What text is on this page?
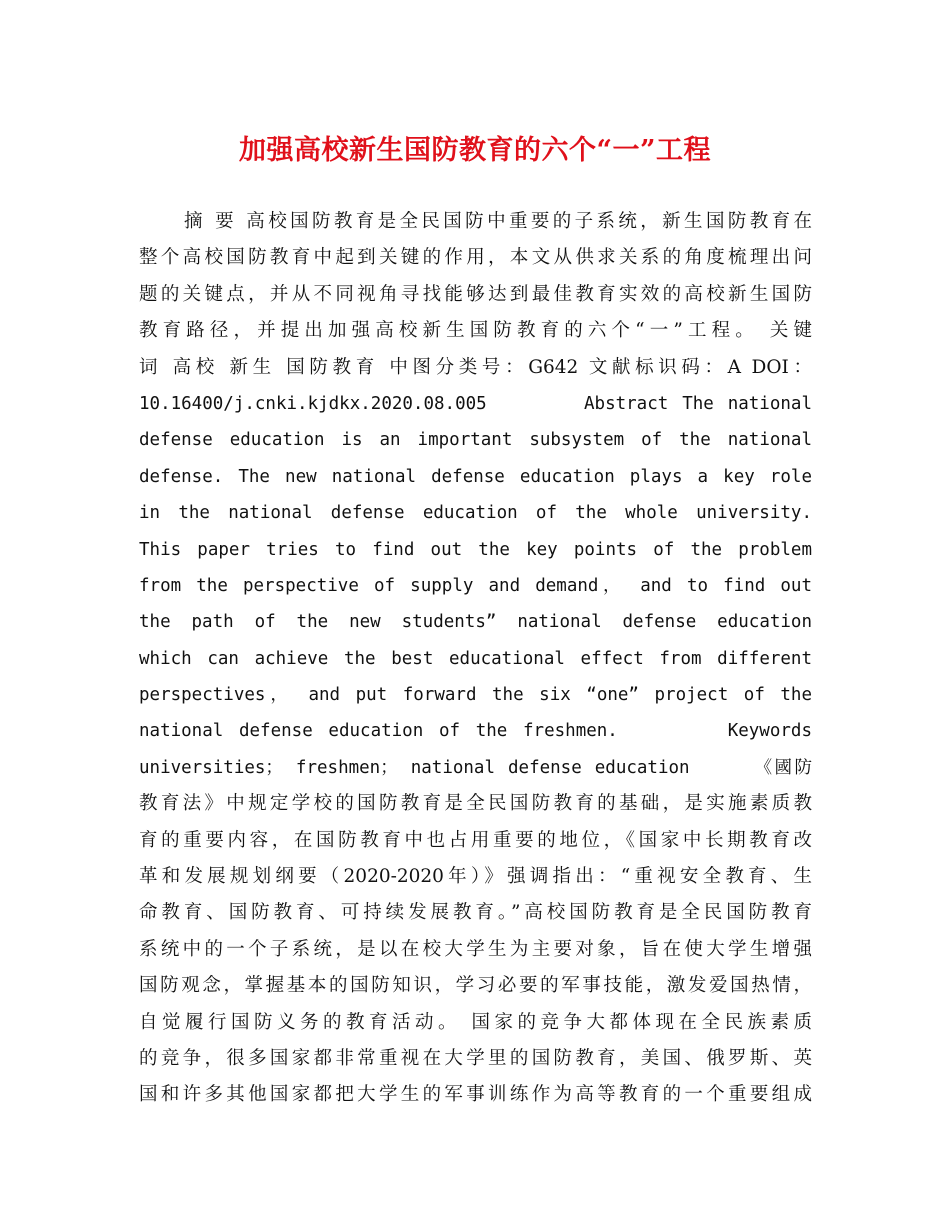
加强高校新生国防教育的六个“一”工程
摘 要 高校国防教育是全民国防中重要的子系统，新生国防教育在
整个高校国防教育中起到关键的作用，本文从供求关系的角度梳理出问
题的关键点，并从不同视角寻找能够达到最佳教育实效的高校新生国防
教育路径，并提出加强高校新生国防教育的六个“一”工程。 关键
词 高校 新生 国防教育 中图分类号：G642 文献标识码：A DOI：
10.16400/j.cnki.kjdkx.2020.08.005       Abstract The national
defense education is an important subsystem of the national
defense. The new national defense education plays a key role
in the national defense education of the whole university.
This paper tries to find out the key points of the problem
from the perspective of supply and demand， and to find out
the path of the new students” national defense education
which can achieve the best educational effect from different
perspectives， and put forward the six “one” project of the
national defense education of the freshmen.       Keywords
universities； freshmen； national defense education     《國防
教育法》中规定学校的国防教育是全民国防教育的基础，是实施素质教
育的重要内容，在国防教育中也占用重要的地位，《国家中长期教育改
革和发展规划纲要（2020-2020年）》强调指出：“重视安全教育、生
命教育、国防教育、可持续发展教育。”高校国防教育是全民国防教育
系统中的一个子系统，是以在校大学生为主要对象，旨在使大学生增强
国防观念，掌握基本的国防知识，学习必要的军事技能，激发爱国热情，
自觉履行国防义务的教育活动。 国家的竞争大都体现在全民族素质
的竞争，很多国家都非常重视在大学里的国防教育，美国、俄罗斯、英
国和许多其他国家都把大学生的军事训练作为高等教育的一个重要组成
